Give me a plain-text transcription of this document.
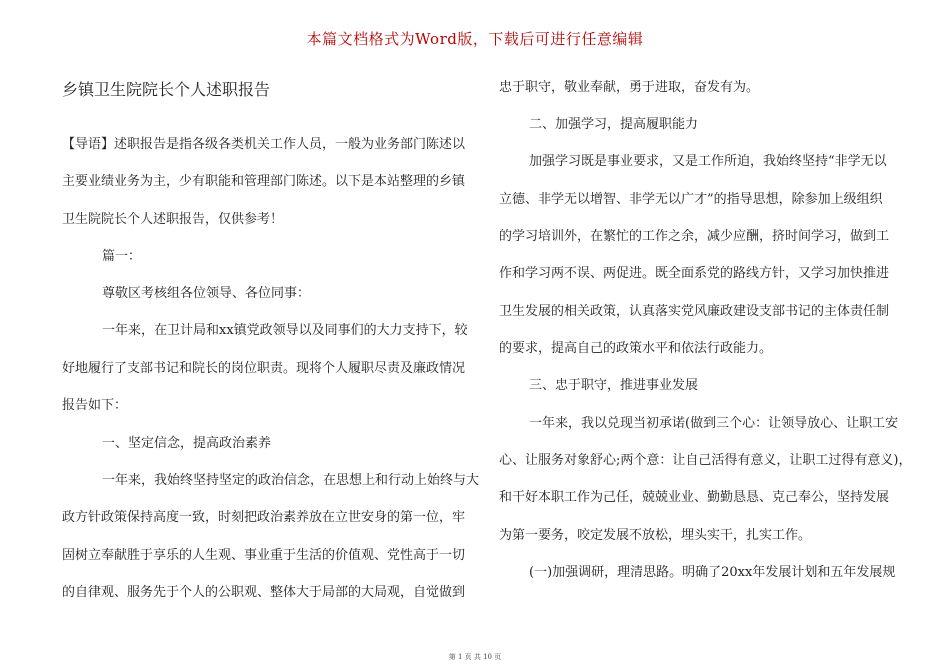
本篇文档格式为Word版，下载后可进行任意编辑
乡镇卫生院院长个人述职报告
【导语】述职报告是指各级各类机关工作人员，一般为业务部门陈述以
主要业绩业务为主，少有职能和管理部门陈述。以下是本站整理的乡镇
卫生院院长个人述职报告，仅供参考！
篇一：
尊敬区考核组各位领导、各位同事：
一年来，在卫计局和xx镇党政领导以及同事们的大力支持下，较
好地履行了支部书记和院长的岗位职责。现将个人履职尽责及廉政情况
报告如下：
一、坚定信念，提高政治素养
一年来，我始终坚持坚定的政治信念，在思想上和行动上始终与大
政方针政策保持高度一致，时刻把政治素养放在立世安身的第一位，牢
固树立奉献胜于享乐的人生观、事业重于生活的价值观、党性高于一切
的自律观、服务先于个人的公职观、整体大于局部的大局观，自觉做到
忠于职守，敬业奉献，勇于进取，奋发有为。
二、加强学习，提高履职能力
加强学习既是事业要求，又是工作所迫，我始终坚持“非学无以
立德、非学无以增智、非学无以广才”的指导思想，除参加上级组织
的学习培训外，在繁忙的工作之余，减少应酬，挤时间学习，做到工
作和学习两不误、两促进。既全面系党的路线方针，又学习加快推进
卫生发展的相关政策，认真落实党风廉政建设支部书记的主体责任制
的要求，提高自己的政策水平和依法行政能力。
三、忠于职守，推进事业发展
一年来，我以兑现当初承诺(做到三个心：让领导放心、让职工安
心、让服务对象舒心;两个意：让自己活得有意义，让职工过得有意义)，
和干好本职工作为己任，兢兢业业、勤勤恳恳、克己奉公，坚持发展
为第一要务，咬定发展不放松，埋头实干，扎实工作。
(一)加强调研，理清思路。明确了20xx年发展计划和五年发展规
第 1 页 共 10 页
